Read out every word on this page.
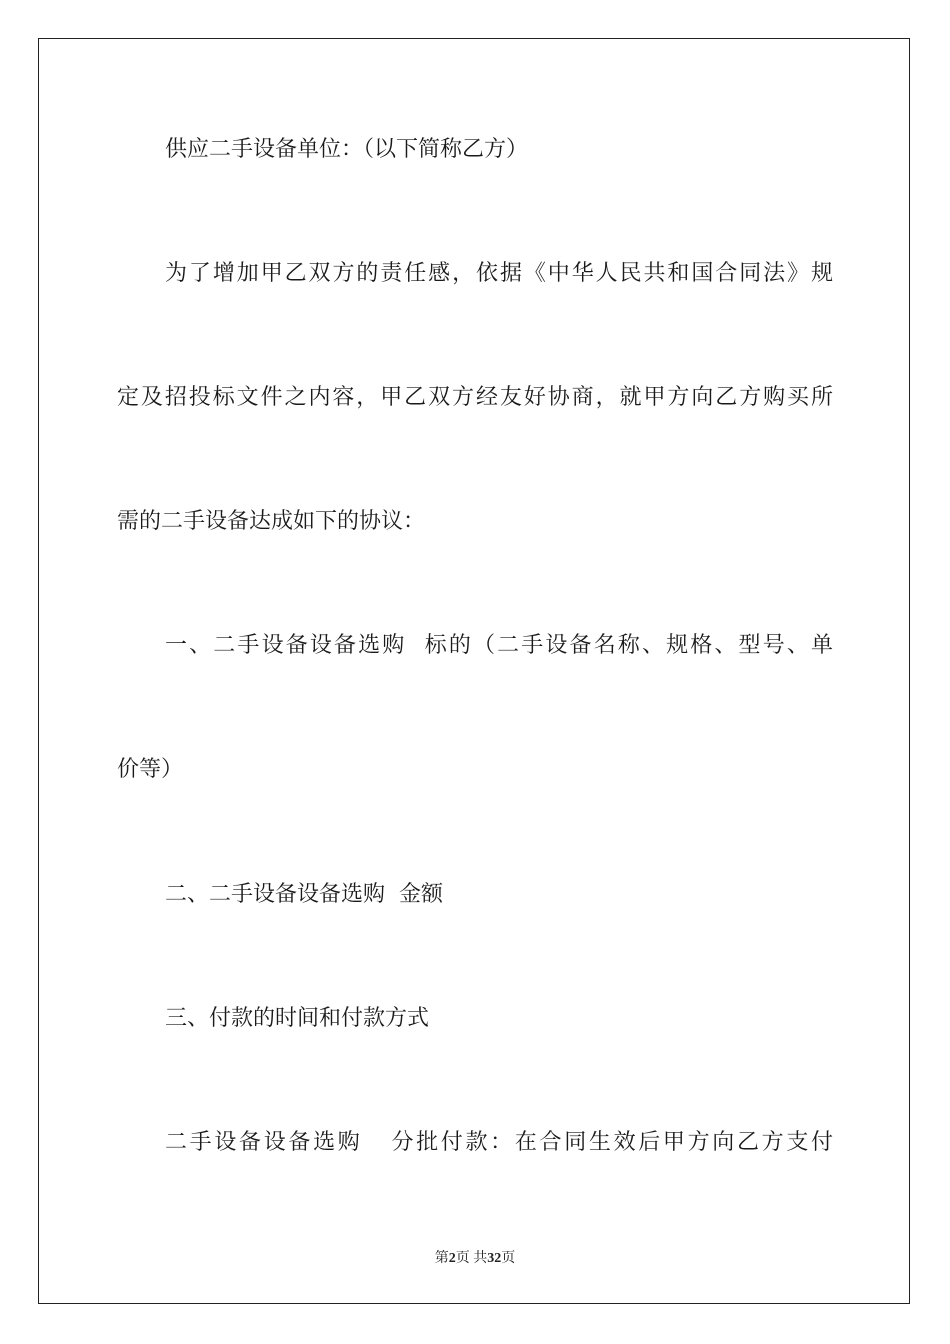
供应二手设备单位：（以下简称乙方）
为了增加甲乙双方的责任感，依据《中华人民共和国合同法》规
定及招投标文件之内容，甲乙双方经友好协商，就甲方向乙方购买所
需的二手设备达成如下的协议：
一、二手设备设备选购  标的（二手设备名称、规格、型号、单
价等）
二、二手设备设备选购  金额
三、付款的时间和付款方式
二手设备设备选购   分批付款：在合同生效后甲方向乙方支付
第2页 共32页
